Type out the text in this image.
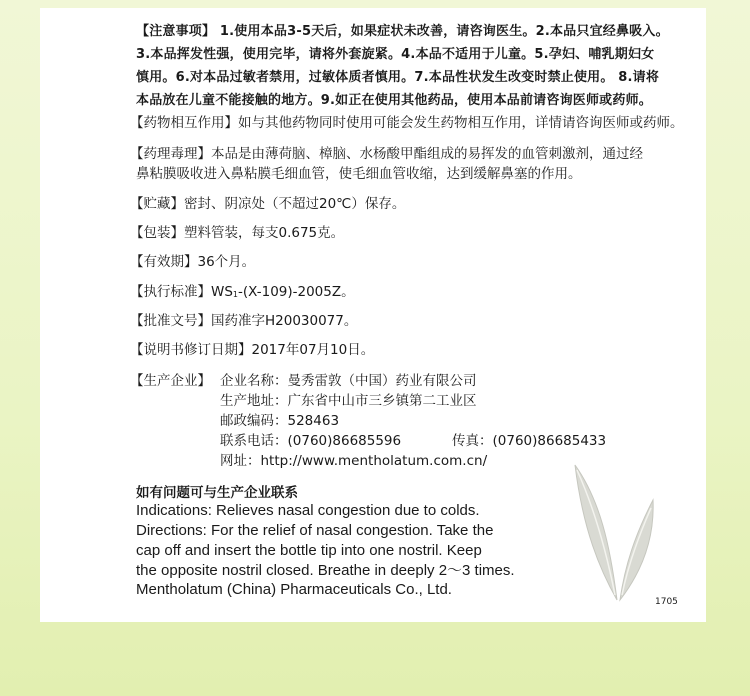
【注意事项】 1.使用本品3-5天后，如果症状未改善，请咨询医生。2.本品只宜经鼻吸入。
3.本品挥发性强，使用完毕，请将外套旋紧。4.本品不适用于儿童。5.孕妇、哺乳期妇女
慎用。6.对本品过敏者禁用，过敏体质者慎用。7.本品性状发生改变时禁止使用。 8.请将
本品放在儿童不能接触的地方。9.如正在使用其他药品，使用本品前请咨询医师或药师。
【药物相互作用】如与其他药物同时使用可能会发生药物相互作用，详情请咨询医师或药师。
【药理毒理】本品是由薄荷脑、樟脑、水杨酸甲酯组成的易挥发的血管刺激剂，通过经
鼻粘膜吸收进入鼻粘膜毛细血管，使毛细血管收缩，达到缓解鼻塞的作用。
【贮藏】密封、阴凉处（不超过20℃）保存。
【包装】塑料管装，每支0.675克。
【有效期】36个月。
【执行标准】$WS_1-(X-109)-2005Z$。
【批准文号】国药准字H20030077。
【说明书修订日期】2017年07月10日。
【生产企业】 企业名称：曼秀雷敦（中国）药业有限公司
生产地址：广东省中山市三乡镇第二工业区
邮政编码：528463
联系电话：(0760)86685596	传真：(0760)86685433
网址：http://www.mentholatum.com.cn/
如有问题可与生产企业联系
Indications: Relieves nasal congestion due to colds.
Directions: For the relief of nasal congestion. Take the
cap off and insert the bottle tip into one nostril. Keep
the opposite nostril closed. Breathe in deeply 2～3 times.
Mentholatum (China) Pharmaceuticals Co., Ltd.
1705
